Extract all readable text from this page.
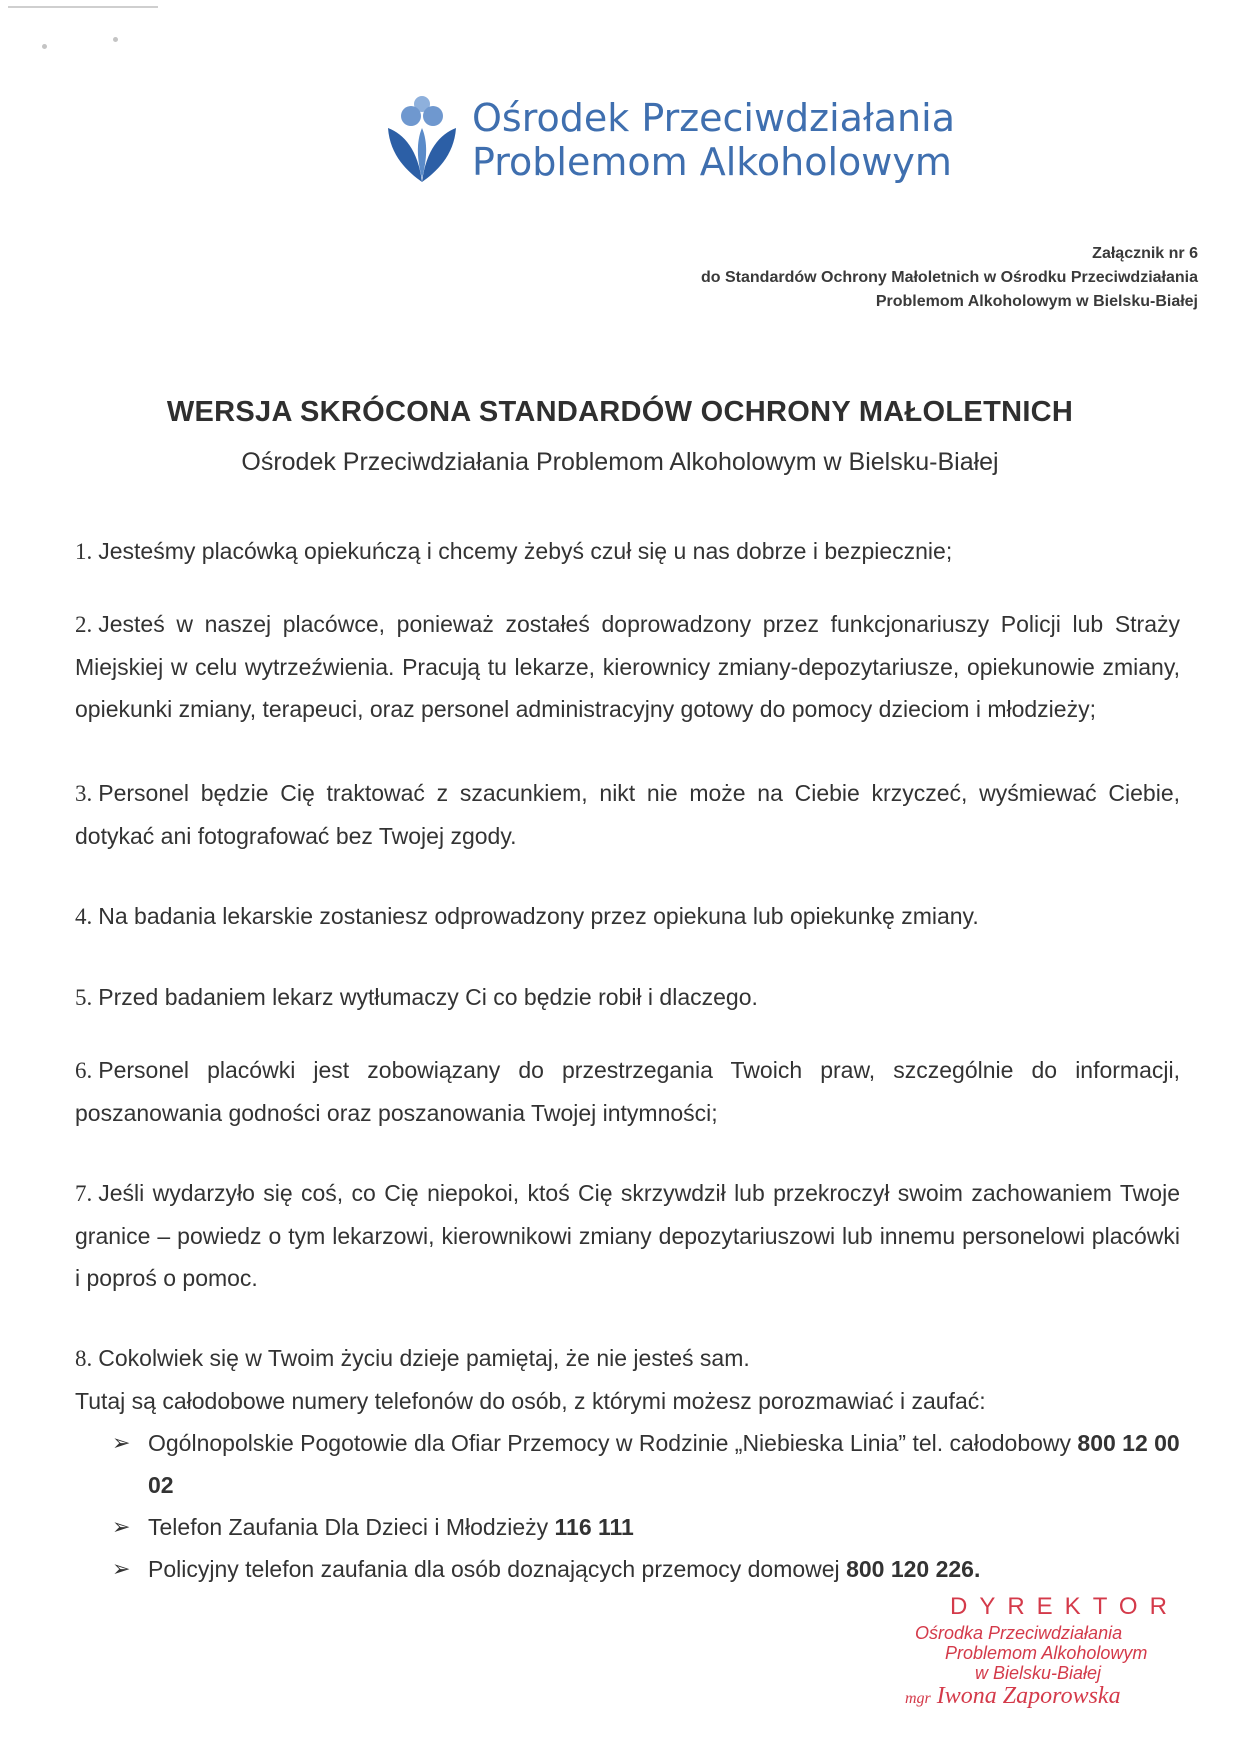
Ośrodek Przeciwdziałania
Problemom Alkoholowym
Załącznik nr 6
do Standardów Ochrony Małoletnich w Ośrodku Przeciwdziałania
Problemom Alkoholowym w Bielsku-Białej
WERSJA SKRÓCONA STANDARDÓW OCHRONY MAŁOLETNICH
Ośrodek Przeciwdziałania Problemom Alkoholowym w Bielsku-Białej

1. Jesteśmy placówką opiekuńczą i chcemy żebyś czuł się u nas dobrze i bezpiecznie;

2. Jesteś w naszej placówce, ponieważ zostałeś doprowadzony przez funkcjonariuszy Policji lub Straży Miejskiej w celu wytrzeźwienia. Pracują tu lekarze, kierownicy zmiany-depozytariusze, opiekunowie zmiany, opiekunki zmiany, terapeuci, oraz personel administracyjny gotowy do pomocy dzieciom i młodzieży;

3. Personel będzie Cię traktować z szacunkiem, nikt nie może na Ciebie krzyczeć, wyśmiewać Ciebie, dotykać ani fotografować bez Twojej zgody.

4. Na badania lekarskie zostaniesz odprowadzony przez opiekuna lub opiekunkę zmiany.

5. Przed badaniem lekarz wytłumaczy Ci co będzie robił i dlaczego.

6. Personel placówki jest zobowiązany do przestrzegania Twoich praw, szczególnie do informacji, poszanowania godności oraz poszanowania Twojej intymności;

7. Jeśli wydarzyło się coś, co Cię niepokoi, ktoś Cię skrzywdził lub przekroczył swoim zachowaniem Twoje granice – powiedz o tym lekarzowi, kierownikowi zmiany depozytariuszowi lub innemu personelowi placówki i poproś o pomoc.

8. Cokolwiek się w Twoim życiu dzieje pamiętaj, że nie jesteś sam.

Tutaj są całodobowe numery telefonów do osób, z którymi możesz porozmawiać i zaufać:

➢ Ogólnopolskie Pogotowie dla Ofiar Przemocy w Rodzinie „Niebieska Linia” tel. całodobowy 800 12 00 02
➢ Telefon Zaufania Dla Dzieci i Młodzieży 116 111
➢ Policyjny telefon zaufania dla osób doznających przemocy domowej 800 120 226.
DYREKTOR
Ośrodka Przeciwdziałania
Problemom Alkoholowym
w Bielsku-Białej
mgr Iwona Zaporowska
